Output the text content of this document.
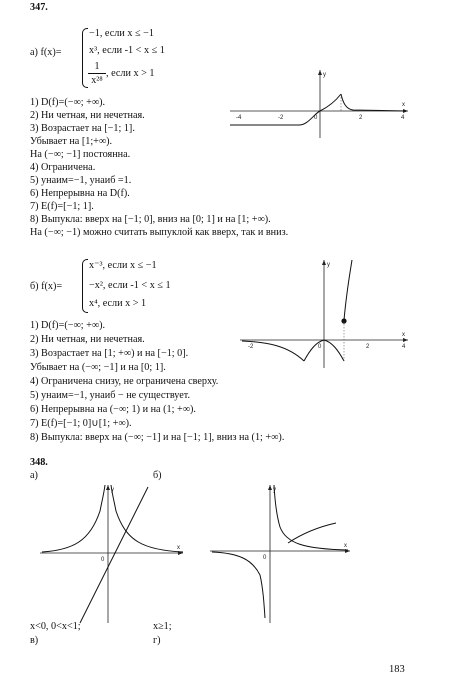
347.
а) f(x)=
−1, если x ≤ −1
x³, если -1 < x ≤ 1
1
x²⁸
, если x > 1
1) D(f)=(−∞; +∞).
2) Ни четная, ни нечетная.
3) Возрастает на [−1; 1].
Убывает на [1;+∞).
На (−∞; −1] постоянна.
4) Ограничена.
5) yнаим=−1, yнаиб =1.
6) Непрерывна на D(f).
7) E(f)=[−1; 1].
8) Выпукла: вверх на [−1; 0], вниз на [0; 1] и на [1; +∞).
На (−∞; −1) можно считать выпуклой как вверх, так и вниз.
y
x
-4	-2	0	2	4
б) f(x)=
x⁻³, если x ≤ −1
−x², если -1 < x ≤ 1
x⁴, если x > 1
1) D(f)=(−∞; +∞).
2) Ни четная, ни нечетная.
3) Возрастает на [1; +∞) и на [−1; 0].
Убывает на (−∞; −1] и на [0; 1].
4) Ограничена снизу, не ограничена сверху.
5) yнаим=−1, yнаиб − не существует.
6) Непрерывна на (−∞; 1) и на (1; +∞).
7) E(f)=[−1; 0]∪[1; +∞).
8) Выпукла: вверх на (−∞; −1] и на [−1; 1], вниз на (1; +∞).
y
x
-2	0	2	4
348.
а)	б)
y
x
0
y
x
0
x<0, 0<x<1;	x≥1;
в)	г)
183
